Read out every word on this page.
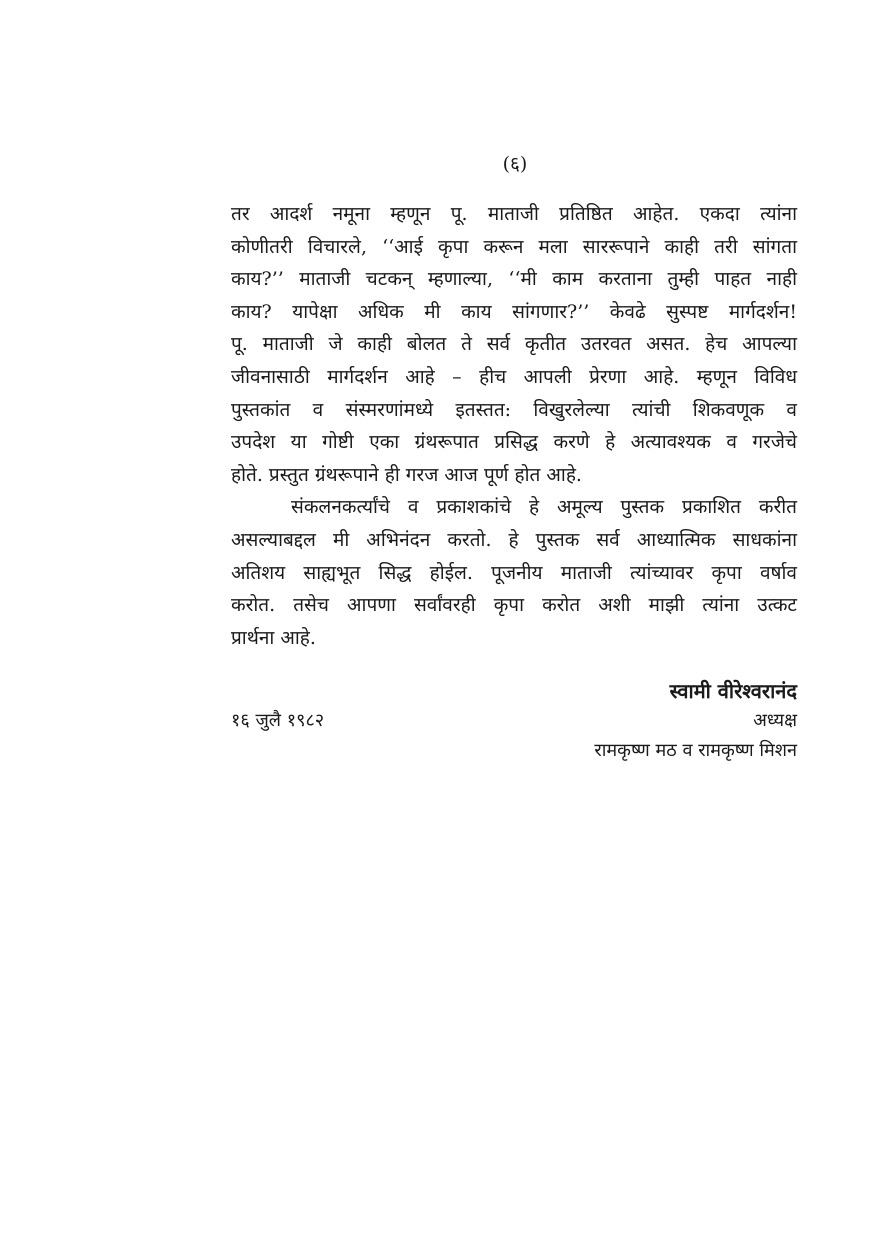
(६)

तर आदर्श नमूना म्हणून पू. माताजी प्रतिष्ठित आहेत. एकदा त्यांना
कोणीतरी विचारले, ‘‘आई कृपा करून मला साररूपाने काही तरी सांगता
काय?’’ माताजी चटकन् म्हणाल्या, ‘‘मी काम करताना तुम्ही पाहत नाही
काय? यापेक्षा अधिक मी काय सांगणार?’’ केवढे सुस्पष्ट मार्गदर्शन!
पू. माताजी जे काही बोलत ते सर्व कृतीत उतरवत असत. हेच आपल्या
जीवनासाठी मार्गदर्शन आहे – हीच आपली प्रेरणा आहे. म्हणून विविध
पुस्तकांत व संस्मरणांमध्ये इतस्तत: विखुरलेल्या त्यांची शिकवणूक व
उपदेश या गोष्टी एका ग्रंथरूपात प्रसिद्ध करणे हे अत्यावश्यक व गरजेचे
होते. प्रस्तुत ग्रंथरूपाने ही गरज आज पूर्ण होत आहे.

संकलनकर्त्यांचे व प्रकाशकांचे हे अमूल्य पुस्तक प्रकाशित करीत
असल्याबद्दल मी अभिनंदन करतो. हे पुस्तक सर्व आध्यात्मिक साधकांना
अतिशय साह्यभूत सिद्ध होईल. पूजनीय माताजी त्यांच्यावर कृपा वर्षाव
करोत. तसेच आपणा सर्वांवरही कृपा करोत अशी माझी त्यांना उत्कट
प्रार्थना आहे.

स्वामी वीरेश्वरानंद
१६ जुलै १९८२	अध्यक्ष
रामकृष्ण मठ व रामकृष्ण मिशन
